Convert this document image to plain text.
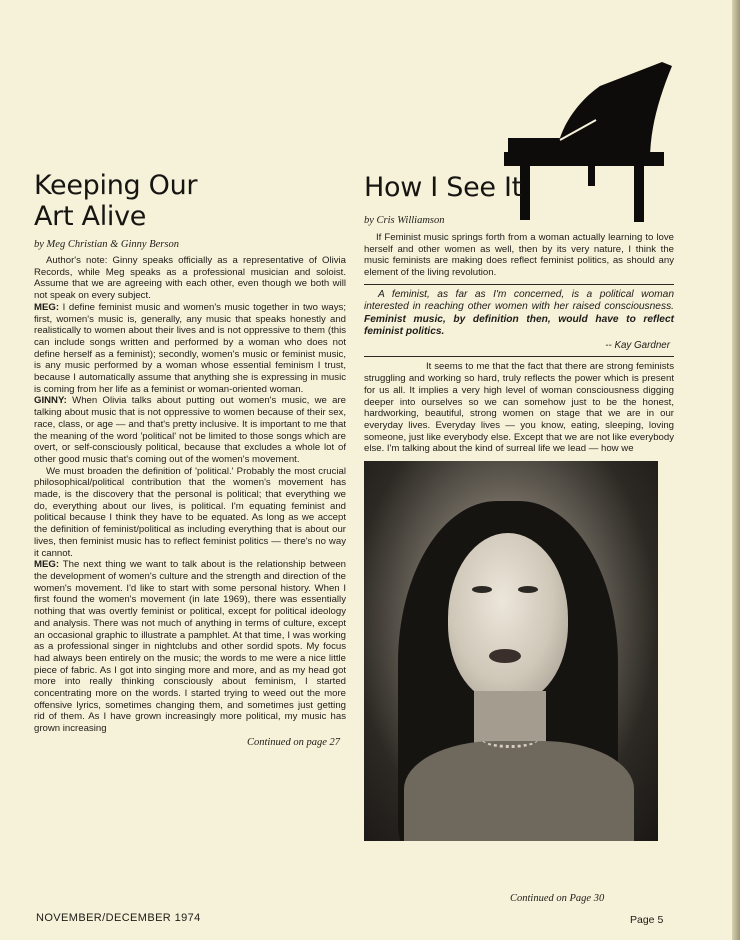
Keeping Our Art Alive
by Meg Christian & Ginny Berson

Author's note: Ginny speaks officially as a representative of Olivia Records, while Meg speaks as a professional musician and soloist. Assume that we are agreeing with each other, even though we both will not speak on every subject.

MEG: I define feminist music and women's music together in two ways; first, women's music is, generally, any music that speaks honestly and realistically to women about their lives and is not oppressive to them (this can include songs written and performed by a woman who does not define herself as a feminist); secondly, women's music or feminist music, is any music performed by a woman whose essential feminism I trust, because I automatically assume that anything she is expressing in music is coming from her life as a feminist or woman-oriented woman.

GINNY: When Olivia talks about putting out women's music, we are talking about music that is not oppressive to women because of their sex, race, class, or age — and that's pretty inclusive. It is important to me that the meaning of the word 'political' not be limited to those songs which are overt, or self-consciously political, because that excludes a whole lot of other good music that's coming out of the women's movement.

We must broaden the definition of 'political.' Probably the most crucial philosophical/political contribution that the women's movement has made, is the discovery that the personal is political; that everything we do, everything about our lives, is political. I'm equating feminist and political because I think they have to be equated. As long as we accept the definition of feminist/political as including everything that is about our lives, then feminist music has to reflect feminist politics — there's no way it cannot.

MEG: The next thing we want to talk about is the relationship between the development of women's culture and the strength and direction of the women's movement. I'd like to start with some personal history. When I first found the women's movement (in late 1969), there was essentially nothing that was overtly feminist or political, except for political ideology and analysis. There was not much of anything in terms of culture, except an occasional graphic to illustrate a pamphlet. At that time, I was working as a professional singer in nightclubs and other sordid spots. My focus had always been entirely on the music; the words to me were a nice little piece of fabric. As I got into singing more and more, and as my head got more into really thinking consciously about feminism, I started concentrating more on the words. I started trying to weed out the more offensive lyrics, sometimes changing them, and sometimes just getting rid of them. As I have grown increasingly more political, my music has grown increasing

Continued on page 27
How I See It
by Cris Williamson

If Feminist music springs forth from a woman actually learning to love herself and other women as well, then by its very nature, I think the music feminists are making does reflect feminist politics, as should any element of the living revolution.

A feminist, as far as I'm concerned, is a political woman interested in reaching other women with her raised consciousness. Feminist music, by definition then, would have to reflect feminist politics.

-- Kay Gardner

It seems to me that the fact that there are strong feminists struggling and working so hard, truly reflects the power which is present for us all. It implies a very high level of woman consciousness digging deeper into ourselves so we can somehow just to be the honest, hardworking, beautiful, strong women on stage that we are in our everyday lives. Everyday lives — you know, eating, sleeping, loving someone, just like everybody else. Except that we are not like everybody else. I'm talking about the kind of surreal life we lead — how we

Continued on Page 30
NOVEMBER/DECEMBER 1974	Page 5
